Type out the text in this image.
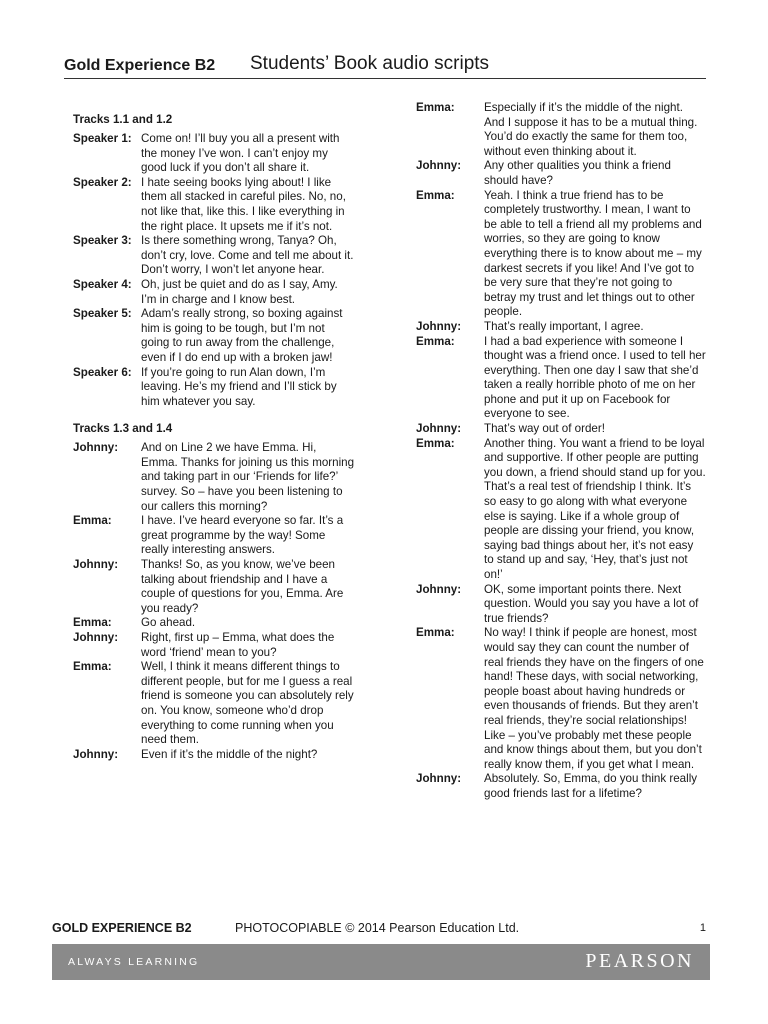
Gold Experience B2 Students’ Book audio scripts
Tracks 1.1 and 1.2
Speaker 1: Come on! I’ll buy you all a present with the money I’ve won. I can’t enjoy my good luck if you don’t all share it.
Speaker 2: I hate seeing books lying about! I like them all stacked in careful piles. No, no, not like that, like this. I like everything in the right place. It upsets me if it’s not.
Speaker 3: Is there something wrong, Tanya? Oh, don’t cry, love. Come and tell me about it. Don’t worry, I won’t let anyone hear.
Speaker 4: Oh, just be quiet and do as I say, Amy. I’m in charge and I know best.
Speaker 5: Adam’s really strong, so boxing against him is going to be tough, but I’m not going to run away from the challenge, even if I do end up with a broken jaw!
Speaker 6: If you’re going to run Alan down, I’m leaving. He’s my friend and I’ll stick by him whatever you say.
Tracks 1.3 and 1.4
Johnny:	And on Line 2 we have Emma. Hi, Emma. Thanks for joining us this morning and taking part in our ‘Friends for life?’ survey. So – have you been listening to our callers this morning?
Emma:	I have. I’ve heard everyone so far. It’s a great programme by the way! Some really interesting answers.
Johnny:	Thanks! So, as you know, we’ve been talking about friendship and I have a couple of questions for you, Emma. Are you ready?
Emma:	Go ahead.
Johnny:	Right, first up – Emma, what does the word ‘friend’ mean to you?
Emma:	Well, I think it means different things to different people, but for me I guess a real friend is someone you can absolutely rely on. You know, someone who’d drop everything to come running when you need them.
Johnny:	Even if it’s the middle of the night?
Emma:	Especially if it’s the middle of the night. And I suppose it has to be a mutual thing. You’d do exactly the same for them too, without even thinking about it.
Johnny:	Any other qualities you think a friend should have?
Emma:	Yeah. I think a true friend has to be completely trustworthy. I mean, I want to be able to tell a friend all my problems and worries, so they are going to know everything there is to know about me – my darkest secrets if you like! And I’ve got to be very sure that they’re not going to betray my trust and let things out to other people.
Johnny:	That’s really important, I agree.
Emma:	I had a bad experience with someone I thought was a friend once. I used to tell her everything. Then one day I saw that she’d taken a really horrible photo of me on her phone and put it up on Facebook for everyone to see.
Johnny:	That’s way out of order!
Emma:	Another thing. You want a friend to be loyal and supportive. If other people are putting you down, a friend should stand up for you. That’s a real test of friendship I think. It’s so easy to go along with what everyone else is saying. Like if a whole group of people are dissing your friend, you know, saying bad things about her, it’s not easy to stand up and say, ‘Hey, that’s just not on!’
Johnny:	OK, some important points there. Next question. Would you say you have a lot of true friends?
Emma:	No way! I think if people are honest, most would say they can count the number of real friends they have on the fingers of one hand! These days, with social networking, people boast about having hundreds or even thousands of friends. But they aren’t real friends, they’re social relationships! Like – you’ve probably met these people and know things about them, but you don’t really know them, if you get what I mean.
Johnny:	Absolutely. So, Emma, do you think really good friends last for a lifetime?
GOLD EXPERIENCE B2	PHOTOCOPIABLE © 2014 Pearson Education Ltd.	1
ALWAYS LEARNING	PEARSON
